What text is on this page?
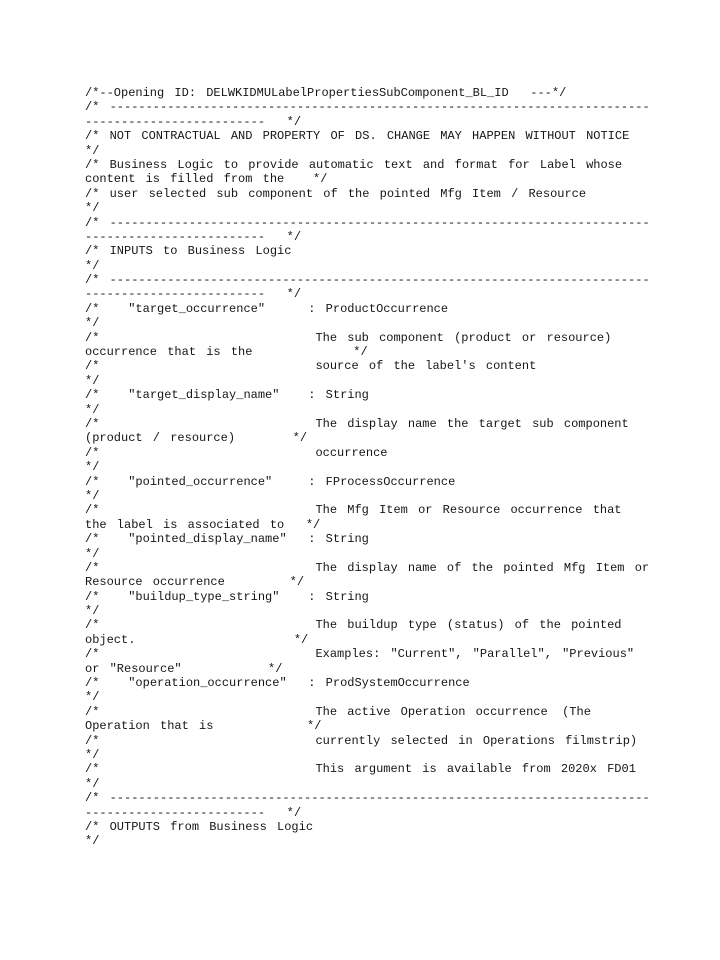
/*--Opening ID: DELWKIDMULabelPropertiesSubComponent_BL_ID ---*/
/* ---------------------------------------------------------------------------
------------------------- */
/* NOT CONTRACTUAL AND PROPERTY OF DS. CHANGE MAY HAPPEN WITHOUT NOTICE
*/
/* Business Logic to provide automatic text and format for Label whose
content is filled from the */
/* user selected sub component of the pointed Mfg Item / Resource
*/
/* ---------------------------------------------------------------------------
------------------------- */
/* INPUTS to Business Logic
*/
/* ---------------------------------------------------------------------------
------------------------- */
/* "target_occurrence"	: ProductOccurrence
*/
/*	The sub component (product or resource)
occurrence that is the	*/
/*	source of the label's content
*/
/* "target_display_name" : String
*/
/*	The display name the target sub component
(product / resource)	*/
/*	occurrence
*/
/* "pointed_occurrence"	: FProcessOccurrence
*/
/*	The Mfg Item or Resource occurrence that
the label is associated to */
/* "pointed_display_name" : String
*/
/*	The display name of the pointed Mfg Item or
Resource occurrence	*/
/* "buildup_type_string" : String
*/
/*	The buildup type (status) of the pointed
object.	*/
/*	Examples: "Current", "Parallel", "Previous"
or "Resource"	*/
/* "operation_occurrence" : ProdSystemOccurrence
*/
/*	The active Operation occurrence (The
Operation that is	*/
/*	currently selected in Operations filmstrip)
*/
/*	This argument is available from 2020x FD01
*/
/* ---------------------------------------------------------------------------
------------------------- */
/* OUTPUTS from Business Logic
*/
